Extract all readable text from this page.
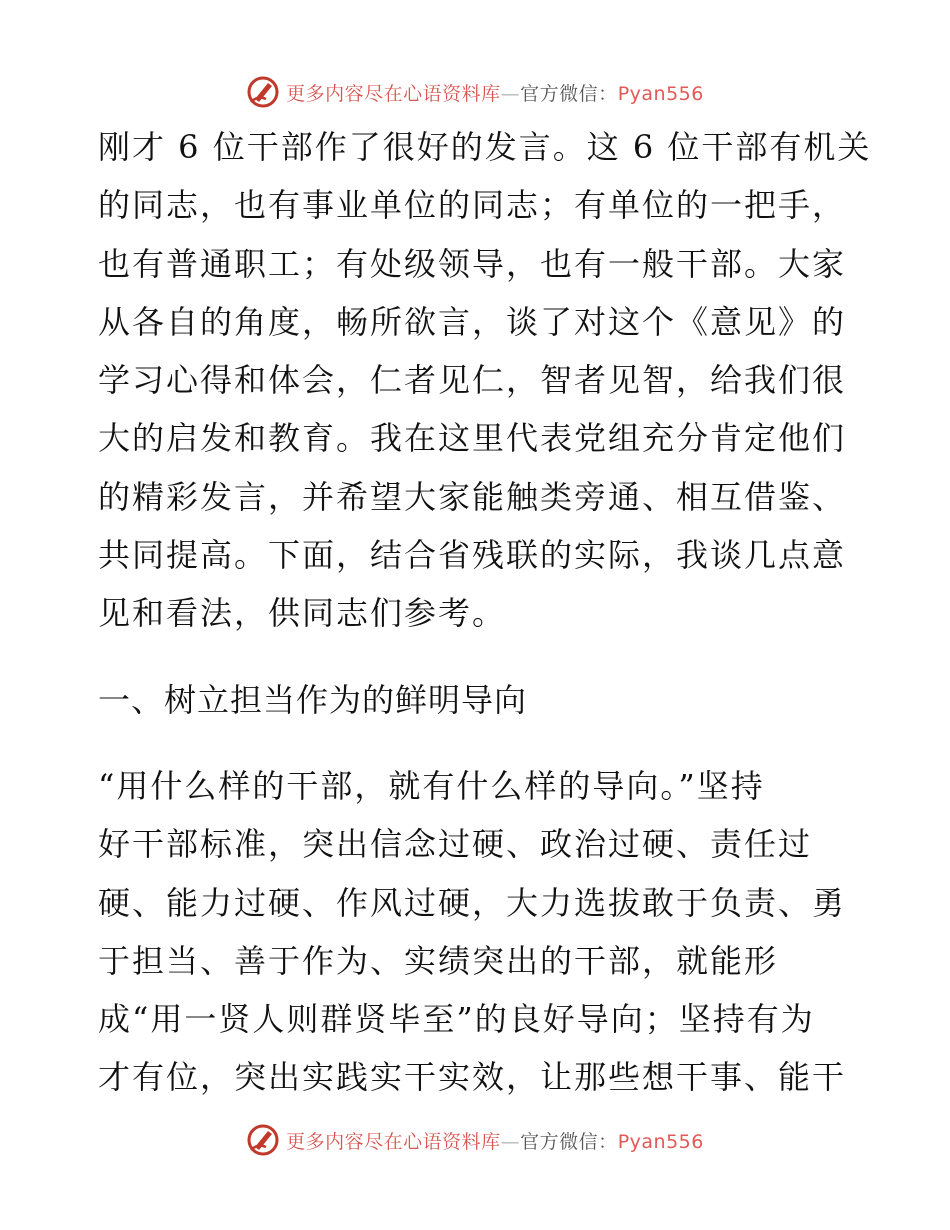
更多内容尽在心语资料库—官方微信：Pyan556
刚才 6 位干部作了很好的发言。这 6 位干部有机关
的同志，也有事业单位的同志；有单位的一把手，
也有普通职工；有处级领导，也有一般干部。大家
从各自的角度，畅所欲言，谈了对这个《意见》的
学习心得和体会，仁者见仁，智者见智，给我们很
大的启发和教育。我在这里代表党组充分肯定他们
的精彩发言，并希望大家能触类旁通、相互借鉴、
共同提高。下面，结合省残联的实际，我谈几点意
见和看法，供同志们参考。
一、树立担当作为的鲜明导向
“用什么样的干部，就有什么样的导向。”坚持
好干部标准，突出信念过硬、政治过硬、责任过
硬、能力过硬、作风过硬，大力选拔敢于负责、勇
于担当、善于作为、实绩突出的干部，就能形
成“用一贤人则群贤毕至”的良好导向；坚持有为
才有位，突出实践实干实效，让那些想干事、能干
更多内容尽在心语资料库—官方微信：Pyan556
